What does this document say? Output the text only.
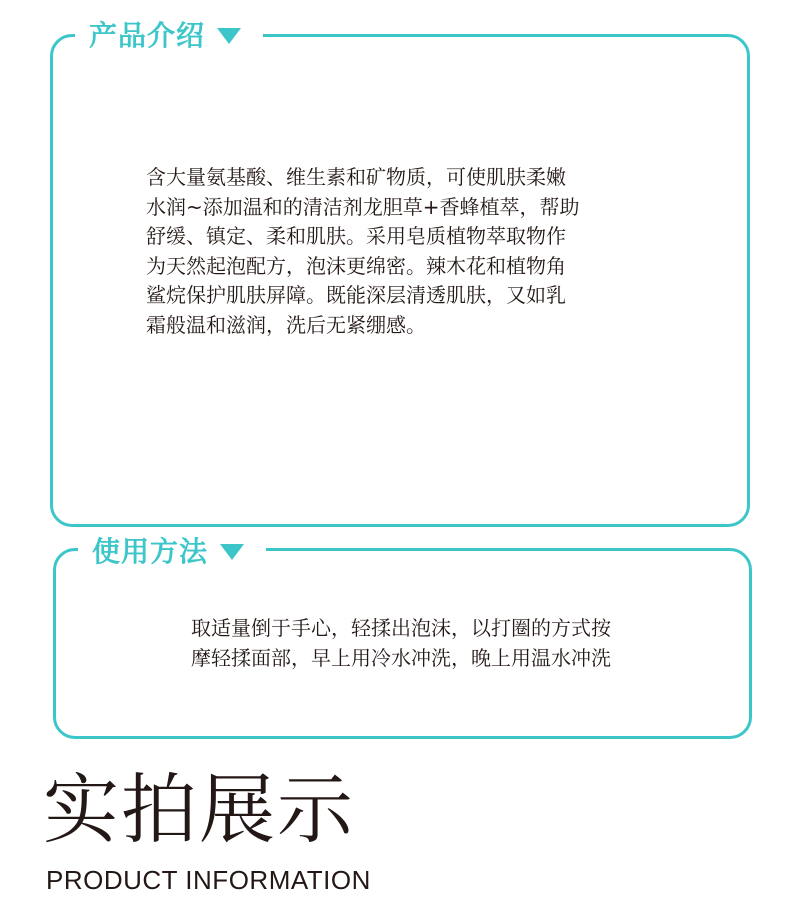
产品介绍
含大量氨基酸、维生素和矿物质，可使肌肤柔嫩
水润~添加温和的清洁剂龙胆草+香蜂植萃，帮助
舒缓、镇定、柔和肌肤。采用皂质植物萃取物作
为天然起泡配方，泡沫更绵密。辣木花和植物角
鲨烷保护肌肤屏障。既能深层清透肌肤，又如乳
霜般温和滋润，洗后无紧绷感。
使用方法
取适量倒于手心，轻揉出泡沫，以打圈的方式按
摩轻揉面部，早上用冷水冲洗，晚上用温水冲洗
实拍展示
PRODUCT INFORMATION
